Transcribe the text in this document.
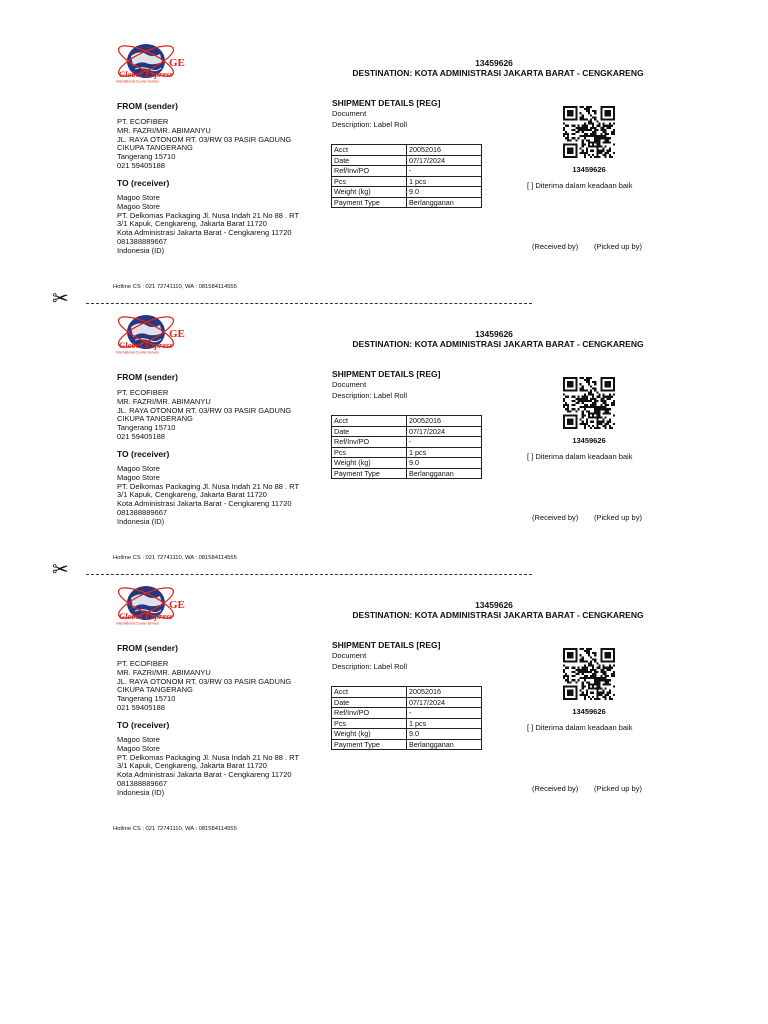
GE
Global Express
International Courier Service
13459626
DESTINATION: KOTA ADMINISTRASI JAKARTA BARAT - CENGKARENG
FROM (sender)
PT. ECOFIBER
MR. FAZRI/MR. ABIMANYU
JL. RAYA OTONOM RT. 03/RW 03 PASIR GADUNG
CIKUPA TANGERANG
Tangerang 15710
021 59405188
TO (receiver)
Magoo Store
Magoo Store
PT. Delkomas Packaging Jl. Nusa Indah 21 No 88 . RT
3/1 Kapuk, Cengkareng, Jakarta Barat 11720
Kota Administrasi Jakarta Barat - Cengkareng 11720
081388889667
Indonesia (ID)
SHIPMENT DETAILS [REG]
Document
Description: Label Roll
Acct	20052016
Date	07/17/2024
Ref/Inv/PO	-
Pcs	1 pcs
Weight (kg)	9.0
Payment Type	Berlangganan
13459626
[ ] Diterima dalam keadaan baik
(Received by) (Picked up by)
Hotline CS : 021 72741110, WA : 081584114555
GE
Global Express
International Courier Service
13459626
DESTINATION: KOTA ADMINISTRASI JAKARTA BARAT - CENGKARENG
FROM (sender)
PT. ECOFIBER
MR. FAZRI/MR. ABIMANYU
JL. RAYA OTONOM RT. 03/RW 03 PASIR GADUNG
CIKUPA TANGERANG
Tangerang 15710
021 59405188
TO (receiver)
Magoo Store
Magoo Store
PT. Delkomas Packaging Jl. Nusa Indah 21 No 88 . RT
3/1 Kapuk, Cengkareng, Jakarta Barat 11720
Kota Administrasi Jakarta Barat - Cengkareng 11720
081388889667
Indonesia (ID)
SHIPMENT DETAILS [REG]
Document
Description: Label Roll
Acct	20052016
Date	07/17/2024
Ref/Inv/PO	-
Pcs	1 pcs
Weight (kg)	9.0
Payment Type	Berlangganan
13459626
[ ] Diterima dalam keadaan baik
(Received by) (Picked up by)
Hotline CS : 021 72741110, WA : 081584114555
GE
Global Express
International Courier Service
13459626
DESTINATION: KOTA ADMINISTRASI JAKARTA BARAT - CENGKARENG
FROM (sender)
PT. ECOFIBER
MR. FAZRI/MR. ABIMANYU
JL. RAYA OTONOM RT. 03/RW 03 PASIR GADUNG
CIKUPA TANGERANG
Tangerang 15710
021 59405188
TO (receiver)
Magoo Store
Magoo Store
PT. Delkomas Packaging Jl. Nusa Indah 21 No 88 . RT
3/1 Kapuk, Cengkareng, Jakarta Barat 11720
Kota Administrasi Jakarta Barat - Cengkareng 11720
081388889667
Indonesia (ID)
SHIPMENT DETAILS [REG]
Document
Description: Label Roll
Acct	20052016
Date	07/17/2024
Ref/Inv/PO	-
Pcs	1 pcs
Weight (kg)	9.0
Payment Type	Berlangganan
13459626
[ ] Diterima dalam keadaan baik
(Received by) (Picked up by)
Hotline CS : 021 72741110, WA : 081584114555
✂
✂
